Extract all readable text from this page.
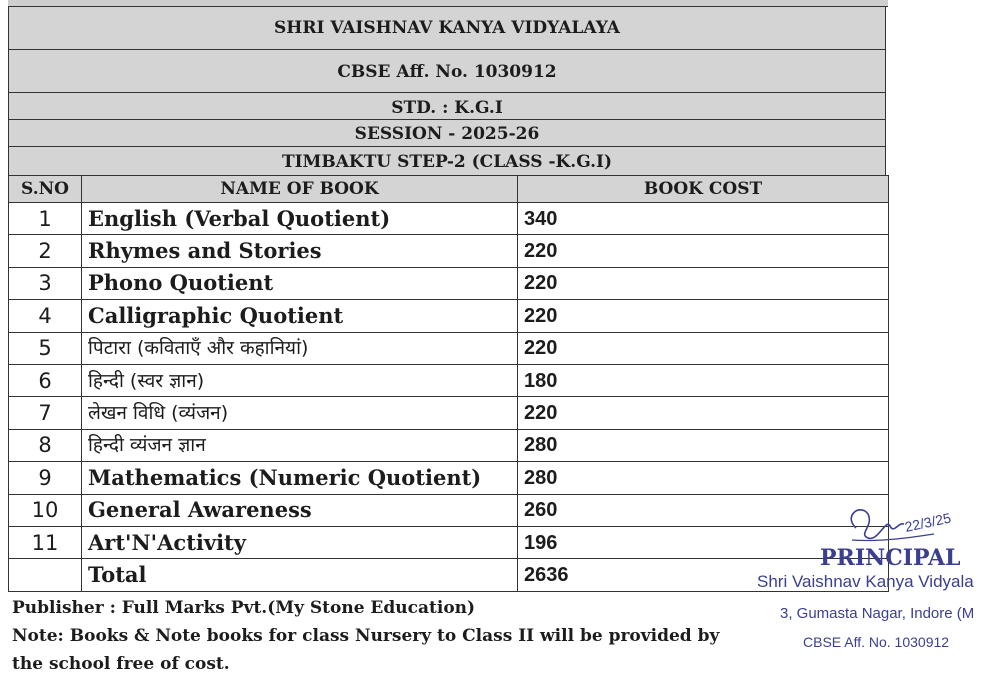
SHRI VAISHNAV KANYA VIDYALAYA
CBSE Aff. No. 1030912
STD. : K.G.I
SESSION - 2025-26
TIMBAKTU STEP-2 (CLASS -K.G.I)
S.NO	NAME OF BOOK	BOOK COST
1	English (Verbal Quotient)	340
2	Rhymes and Stories	220
3	Phono Quotient	220
4	Calligraphic Quotient	220
5	पिटारा (कविताएँ और कहानियां)	220
6	हिन्दी (स्वर ज्ञान)	180
7	लेखन विधि (व्यंजन)	220
8	हिन्दी व्यंजन ज्ञान	280
9	Mathematics (Numeric Quotient)	280
10	General Awareness	260
11	Art'N'Activity	196
	Total	2636
Publisher : Full Marks Pvt.(My Stone Education)
Note: Books & Note books for class Nursery to Class II will be provided by
the school free of cost.
22/3/25
PRINCIPAL
Shri Vaishnav Kanya Vidyala
3, Gumasta Nagar, Indore (M
CBSE Aff. No. 1030912
